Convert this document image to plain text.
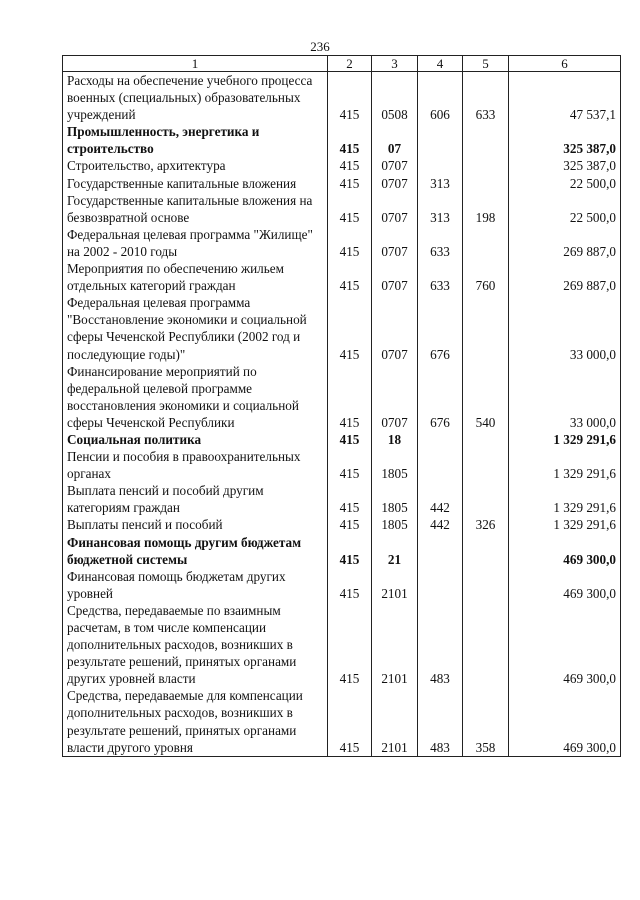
236
1	2	3	4	5	6
Расходы на обеспечение учебного процесса военных (специальных) образовательных учреждений	415	0508	606	633	47 537,1
Промышленность, энергетика и строительство	415	07			325 387,0
Строительство, архитектура	415	0707			325 387,0
Государственные капитальные вложения	415	0707	313		22 500,0
Государственные капитальные вложения на безвозвратной основе	415	0707	313	198	22 500,0
Федеральная целевая программа "Жилище" на 2002 - 2010 годы	415	0707	633		269 887,0
Мероприятия по обеспечению жильем отдельных категорий граждан	415	0707	633	760	269 887,0
Федеральная целевая программа "Восстановление экономики и социальной сферы Чеченской Республики (2002 год и последующие годы)"	415	0707	676		33 000,0
Финансирование мероприятий по федеральной целевой программе восстановления экономики и социальной сферы Чеченской Республики	415	0707	676	540	33 000,0
Социальная политика	415	18			1 329 291,6
Пенсии и пособия в правоохранительных органах	415	1805			1 329 291,6
Выплата пенсий и пособий другим категориям граждан	415	1805	442		1 329 291,6
Выплаты пенсий и пособий	415	1805	442	326	1 329 291,6
Финансовая помощь другим бюджетам бюджетной системы	415	21			469 300,0
Финансовая помощь бюджетам других уровней	415	2101			469 300,0
Средства, передаваемые по взаимным расчетам, в том числе компенсации дополнительных расходов, возникших в результате решений, принятых органами других уровней власти	415	2101	483		469 300,0
Средства, передаваемые для компенсации дополнительных расходов, возникших в результате решений, принятых органами власти другого уровня	415	2101	483	358	469 300,0
